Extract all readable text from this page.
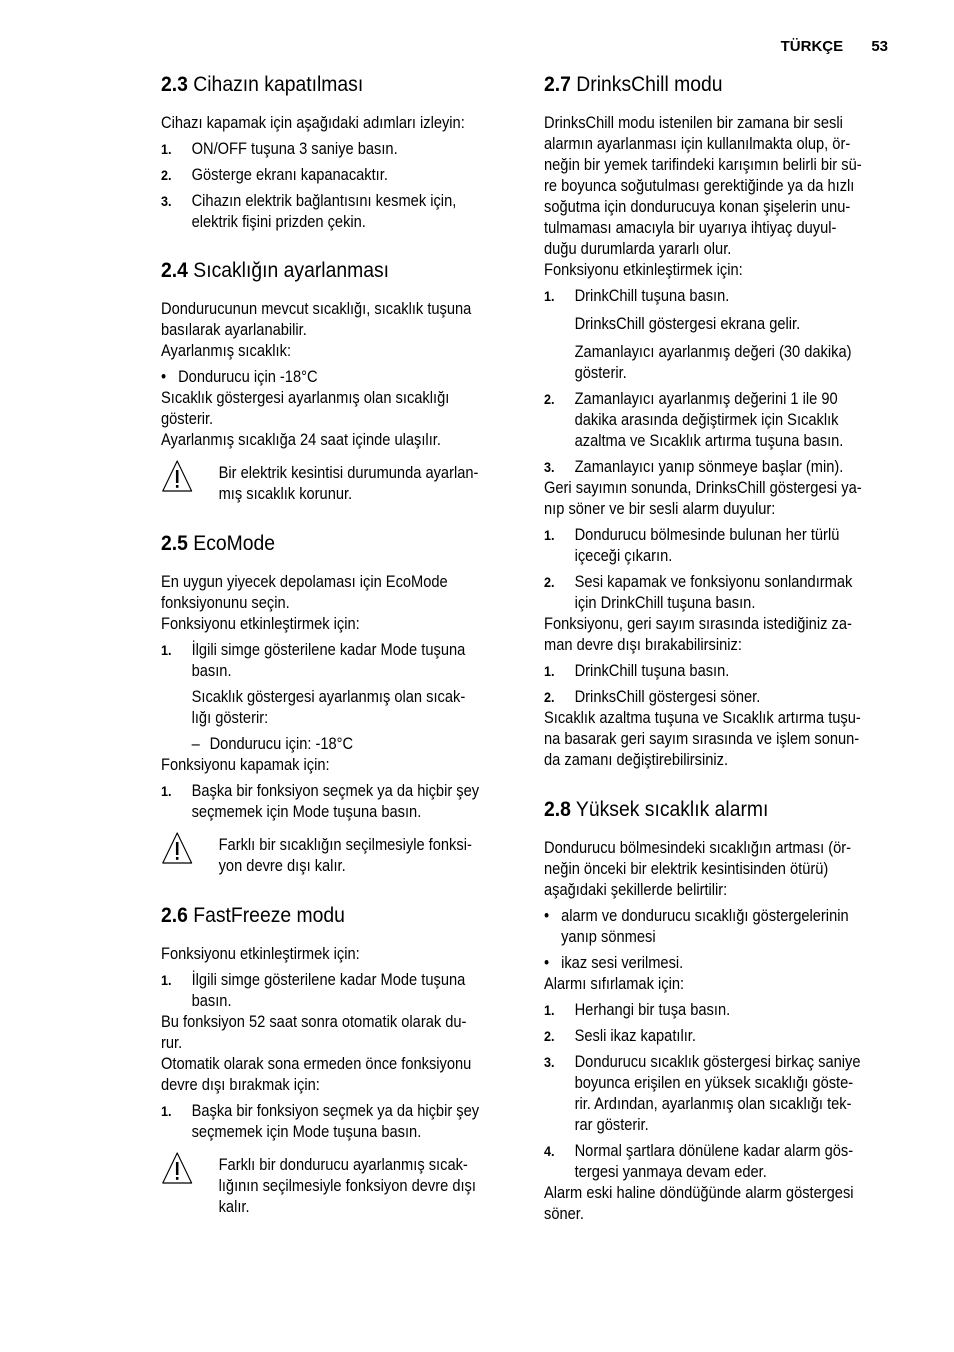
TÜRKÇE 53
2.3 Cihazın kapatılması
Cihazı kapamak için aşağıdaki adımları izleyin:
1. ON/OFF tuşuna 3 saniye basın.
2. Gösterge ekranı kapanacaktır.
3. Cihazın elektrik bağlantısını kesmek için,
elektrik fişini prizden çekin.
2.4 Sıcaklığın ayarlanması
Dondurucunun mevcut sıcaklığı, sıcaklık tuşuna
basılarak ayarlanabilir.
Ayarlanmış sıcaklık:
• Dondurucu için -18°C
Sıcaklık göstergesi ayarlanmış olan sıcaklığı
gösterir.
Ayarlanmış sıcaklığa 24 saat içinde ulaşılır.
Bir elektrik kesintisi durumunda ayarlan-
mış sıcaklık korunur.
2.5 EcoMode
En uygun yiyecek depolaması için EcoMode
fonksiyonunu seçin.
Fonksiyonu etkinleştirmek için:
1. İlgili simge gösterilene kadar Mode tuşuna
basın.
Sıcaklık göstergesi ayarlanmış olan sıcak-
lığı gösterir:
– Dondurucu için: -18°C
Fonksiyonu kapamak için:
1. Başka bir fonksiyon seçmek ya da hiçbir şey
seçmemek için Mode tuşuna basın.
Farklı bir sıcaklığın seçilmesiyle fonksi-
yon devre dışı kalır.
2.6 FastFreeze modu
Fonksiyonu etkinleştirmek için:
1. İlgili simge gösterilene kadar Mode tuşuna
basın.
Bu fonksiyon 52 saat sonra otomatik olarak du-
rur.
Otomatik olarak sona ermeden önce fonksiyonu
devre dışı bırakmak için:
1. Başka bir fonksiyon seçmek ya da hiçbir şey
seçmemek için Mode tuşuna basın.
Farklı bir dondurucu ayarlanmış sıcak-
lığının seçilmesiyle fonksiyon devre dışı
kalır.
2.7 DrinksChill modu
DrinksChill modu istenilen bir zamana bir sesli
alarmın ayarlanması için kullanılmakta olup, ör-
neğin bir yemek tarifindeki karışımın belirli bir sü-
re boyunca soğutulması gerektiğinde ya da hızlı
soğutma için dondurucuya konan şişelerin unu-
tulmaması amacıyla bir uyarıya ihtiyaç duyul-
duğu durumlarda yararlı olur.
Fonksiyonu etkinleştirmek için:
1. DrinkChill tuşuna basın.
DrinksChill göstergesi ekrana gelir.
Zamanlayıcı ayarlanmış değeri (30 dakika)
gösterir.
2. Zamanlayıcı ayarlanmış değerini 1 ile 90
dakika arasında değiştirmek için Sıcaklık
azaltma ve Sıcaklık artırma tuşuna basın.
3. Zamanlayıcı yanıp sönmeye başlar (min).
Geri sayımın sonunda, DrinksChill göstergesi ya-
nıp söner ve bir sesli alarm duyulur:
1. Dondurucu bölmesinde bulunan her türlü
içeceği çıkarın.
2. Sesi kapamak ve fonksiyonu sonlandırmak
için DrinkChill tuşuna basın.
Fonksiyonu, geri sayım sırasında istediğiniz za-
man devre dışı bırakabilirsiniz:
1. DrinkChill tuşuna basın.
2. DrinksChill göstergesi söner.
Sıcaklık azaltma tuşuna ve Sıcaklık artırma tuşu-
na basarak geri sayım sırasında ve işlem sonun-
da zamanı değiştirebilirsiniz.
2.8 Yüksek sıcaklık alarmı
Dondurucu bölmesindeki sıcaklığın artması (ör-
neğin önceki bir elektrik kesintisinden ötürü)
aşağıdaki şekillerde belirtilir:
• alarm ve dondurucu sıcaklığı göstergelerinin
yanıp sönmesi
• ikaz sesi verilmesi.
Alarmı sıfırlamak için:
1. Herhangi bir tuşa basın.
2. Sesli ikaz kapatılır.
3. Dondurucu sıcaklık göstergesi birkaç saniye
boyunca erişilen en yüksek sıcaklığı göste-
rir. Ardından, ayarlanmış olan sıcaklığı tek-
rar gösterir.
4. Normal şartlara dönülene kadar alarm gös-
tergesi yanmaya devam eder.
Alarm eski haline döndüğünde alarm göstergesi
söner.
